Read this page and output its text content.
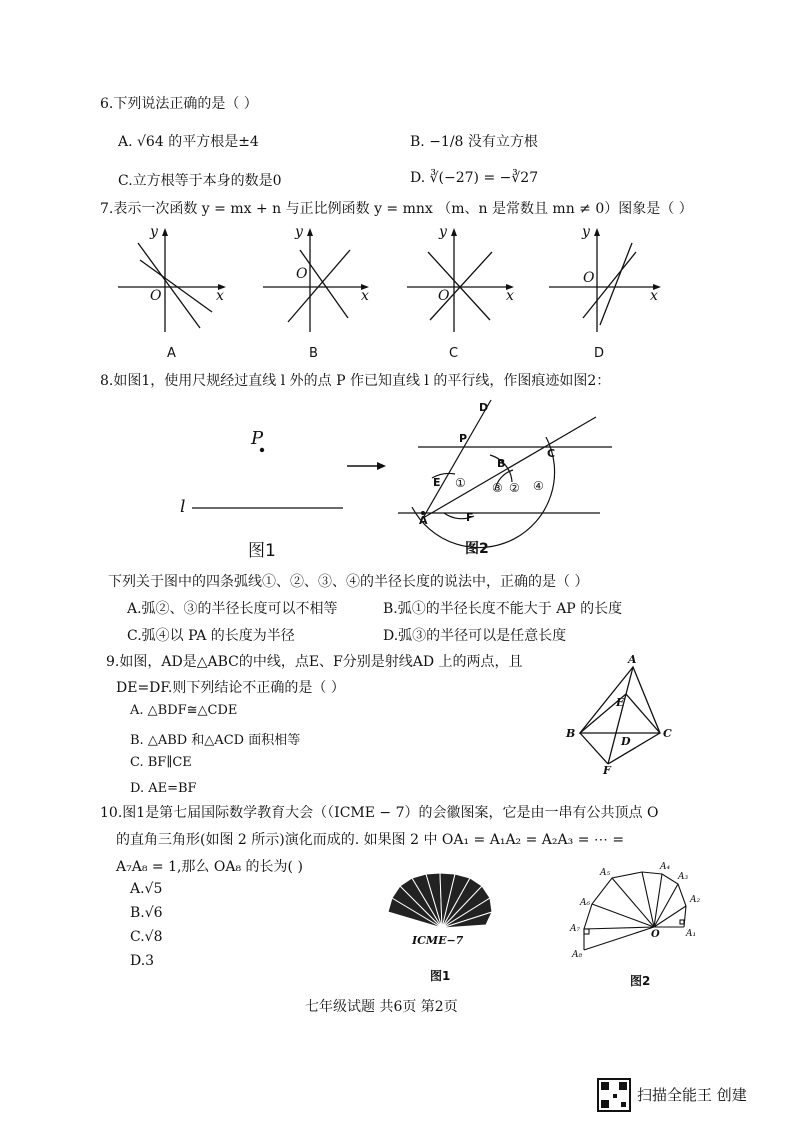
6.下列说法正确的是（ ）
A. √64 的平方根是±4	B. −1/8 没有立方根
C.立方根等于本身的数是0	D. ∛(−27) = −∛27
7.表示一次函数 y = mx + n 与正比例函数 y = mnx （m、n 是常数且 mn ≠ 0）图象是（ ）
y
x
O
y
x
O
y
x
O
y
x
O
A	B	C	D
8.如图1，使用尺规经过直线 l 外的点 P 作已知直线 l 的平行线，作图痕迹如图2：
P
l
图1
D
P
C
B
E
A	F
①	②
③	④
图2
下列关于图中的四条弧线①、②、③、④的半径长度的说法中，正确的是（ ）
A.弧②、③的半径长度可以不相等	B.弧①的半径长度不能大于 AP 的长度
C.弧④以 PA 的长度为半径	D.弧③的半径可以是任意长度
9.如图，AD是△ABC的中线，点E、F分别是射线AD 上的两点，且
DE=DF.则下列结论不正确的是（ ）
A. △BDF≅△CDE
B. △ABD 和△ACD 面积相等
C. BF∥CE
D. AE=BF
A
E
B
D
C
F
10.图1是第七届国际数学教育大会（（ICME − 7）的会徽图案，它是由一串有公共顶点 O
的直角三角形(如图 2 所示)演化而成的. 如果图 2 中 OA₁ = A₁A₂ = A₂A₃ = ⋯ =
A₇A₈ = 1,那么 OA₈ 的长为( )
A.√5
B.√6
C.√8
D.3
ICME−7
图1	图2
A₁
A₂
A₃
A₄
A₅
A₆
A₇
A₈
O
七年级试题 共6页 第2页
扫描全能王 创建
